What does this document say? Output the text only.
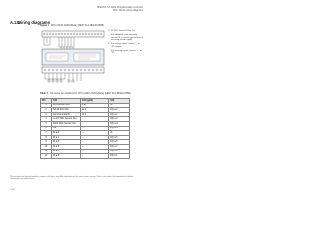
SIMATIC S7-1200 Programmable controller
CPU 1214C wiring diagrams
A.2.1 Wiring diagrams
Figure 1 CPU 1214C AC/DC/Relay (6ES7 214-1BG40-0XB0)
① 24 VDC Sensor Power Out
For additional noise immunity, connect M to chassis ground even if not using sensor supply.
② For sinking inputs, connect "-" to "M" (shown).
For sourcing inputs, connect "+" to "M".
Table 2 Connector pin locations for CPU 1214C AC/DC/Relay (6ES7 214-1BG40-0XB0)
Pin	X10	X11 (gold)	X12
1	L1/120-240 VAC	2 M	1L
2	N/120-240 VAC	AI 0	DQ a.0
3	Functional Earth	AI 1	DQ a.1
4	L+/24 VDC Sensor Out	--	DQ a.2
5	M/24 VDC Sensor Out	--	DQ a.3
6	1M	--	DQ a.4
7	DI a.0	--	2L
8	DI a.1	--	DQ a.5
9	DI a.2	--	DQ a.6
10	DI a.3	--	DQ a.7
11	DI a.4	--	DQ b.0
12	DI a.5	--	DQ b.1
The terminals and terminal identifiers shown in this figure may differ depending on the exact product version. Refer to the product documentation for details. Unused pins are marked with --.
1208
